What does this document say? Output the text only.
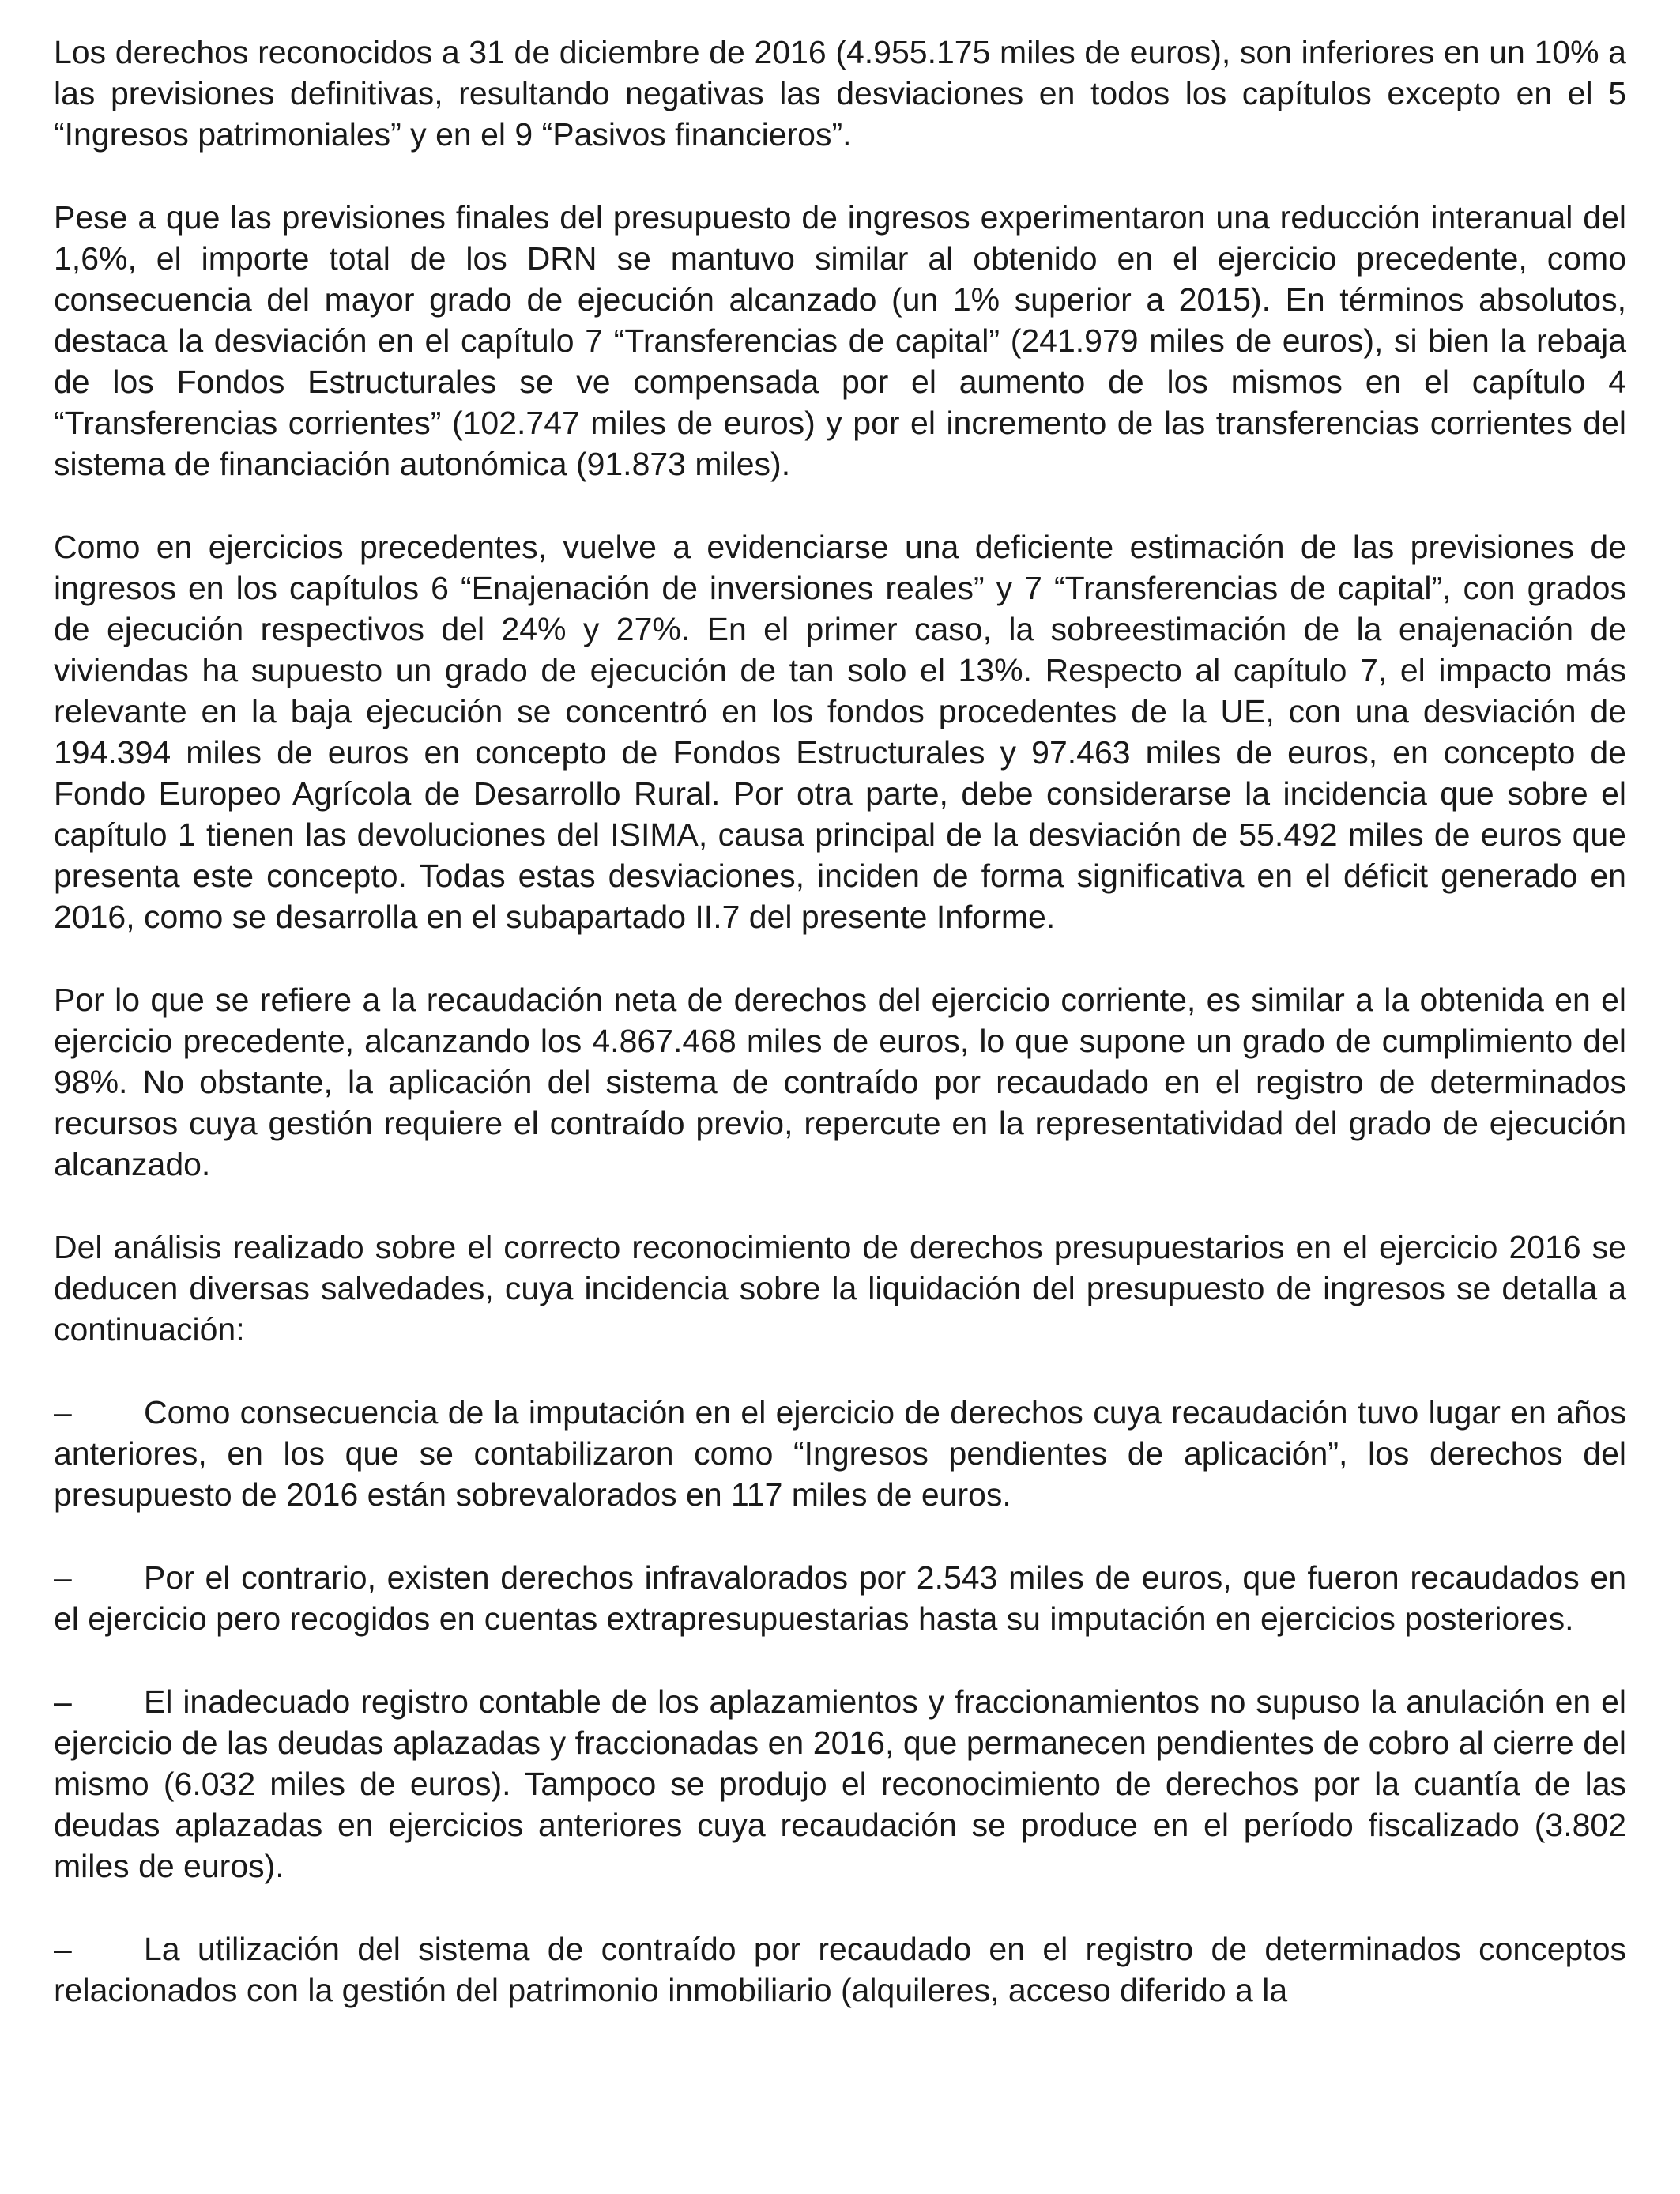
Los derechos reconocidos a 31 de diciembre de 2016 (4.955.175 miles de euros), son inferiores en un 10% a las previsiones definitivas, resultando negativas las desviaciones en todos los capítulos excepto en el 5 “Ingresos patrimoniales” y en el 9 “Pasivos financieros”.

Pese a que las previsiones finales del presupuesto de ingresos experimentaron una reducción interanual del 1,6%, el importe total de los DRN se mantuvo similar al obtenido en el ejercicio precedente, como consecuencia del mayor grado de ejecución alcanzado (un 1% superior a 2015). En términos absolutos, destaca la desviación en el capítulo 7 “Transferencias de capital” (241.979 miles de euros), si bien la rebaja de los Fondos Estructurales se ve compensada por el aumento de los mismos en el capítulo 4 “Transferencias corrientes” (102.747 miles de euros) y por el incremento de las transferencias corrientes del sistema de financiación autonómica (91.873 miles).

Como en ejercicios precedentes, vuelve a evidenciarse una deficiente estimación de las previsiones de ingresos en los capítulos 6 “Enajenación de inversiones reales” y 7 “Transferencias de capital”, con grados de ejecución respectivos del 24% y 27%. En el primer caso, la sobreestimación de la enajenación de viviendas ha supuesto un grado de ejecución de tan solo el 13%. Respecto al capítulo 7, el impacto más relevante en la baja ejecución se concentró en los fondos procedentes de la UE, con una desviación de 194.394 miles de euros en concepto de Fondos Estructurales y 97.463 miles de euros, en concepto de Fondo Europeo Agrícola de Desarrollo Rural. Por otra parte, debe considerarse la incidencia que sobre el capítulo 1 tienen las devoluciones del ISIMA, causa principal de la desviación de 55.492 miles de euros que presenta este concepto. Todas estas desviaciones, inciden de forma significativa en el déficit generado en 2016, como se desarrolla en el subapartado II.7 del presente Informe.

Por lo que se refiere a la recaudación neta de derechos del ejercicio corriente, es similar a la obtenida en el ejercicio precedente, alcanzando los 4.867.468 miles de euros, lo que supone un grado de cumplimiento del 98%. No obstante, la aplicación del sistema de contraído por recaudado en el registro de determinados recursos cuya gestión requiere el contraído previo, repercute en la representatividad del grado de ejecución alcanzado.

Del análisis realizado sobre el correcto reconocimiento de derechos presupuestarios en el ejercicio 2016 se deducen diversas salvedades, cuya incidencia sobre la liquidación del presupuesto de ingresos se detalla a continuación:

– Como consecuencia de la imputación en el ejercicio de derechos cuya recaudación tuvo lugar en años anteriores, en los que se contabilizaron como “Ingresos pendientes de aplicación”, los derechos del presupuesto de 2016 están sobrevalorados en 117 miles de euros.

– Por el contrario, existen derechos infravalorados por 2.543 miles de euros, que fueron recaudados en el ejercicio pero recogidos en cuentas extrapresupuestarias hasta su imputación en ejercicios posteriores.

– El inadecuado registro contable de los aplazamientos y fraccionamientos no supuso la anulación en el ejercicio de las deudas aplazadas y fraccionadas en 2016, que permanecen pendientes de cobro al cierre del mismo (6.032 miles de euros). Tampoco se produjo el reconocimiento de derechos por la cuantía de las deudas aplazadas en ejercicios anteriores cuya recaudación se produce en el período fiscalizado (3.802 miles de euros).

– La utilización del sistema de contraído por recaudado en el registro de determinados conceptos relacionados con la gestión del patrimonio inmobiliario (alquileres, acceso diferido a la
